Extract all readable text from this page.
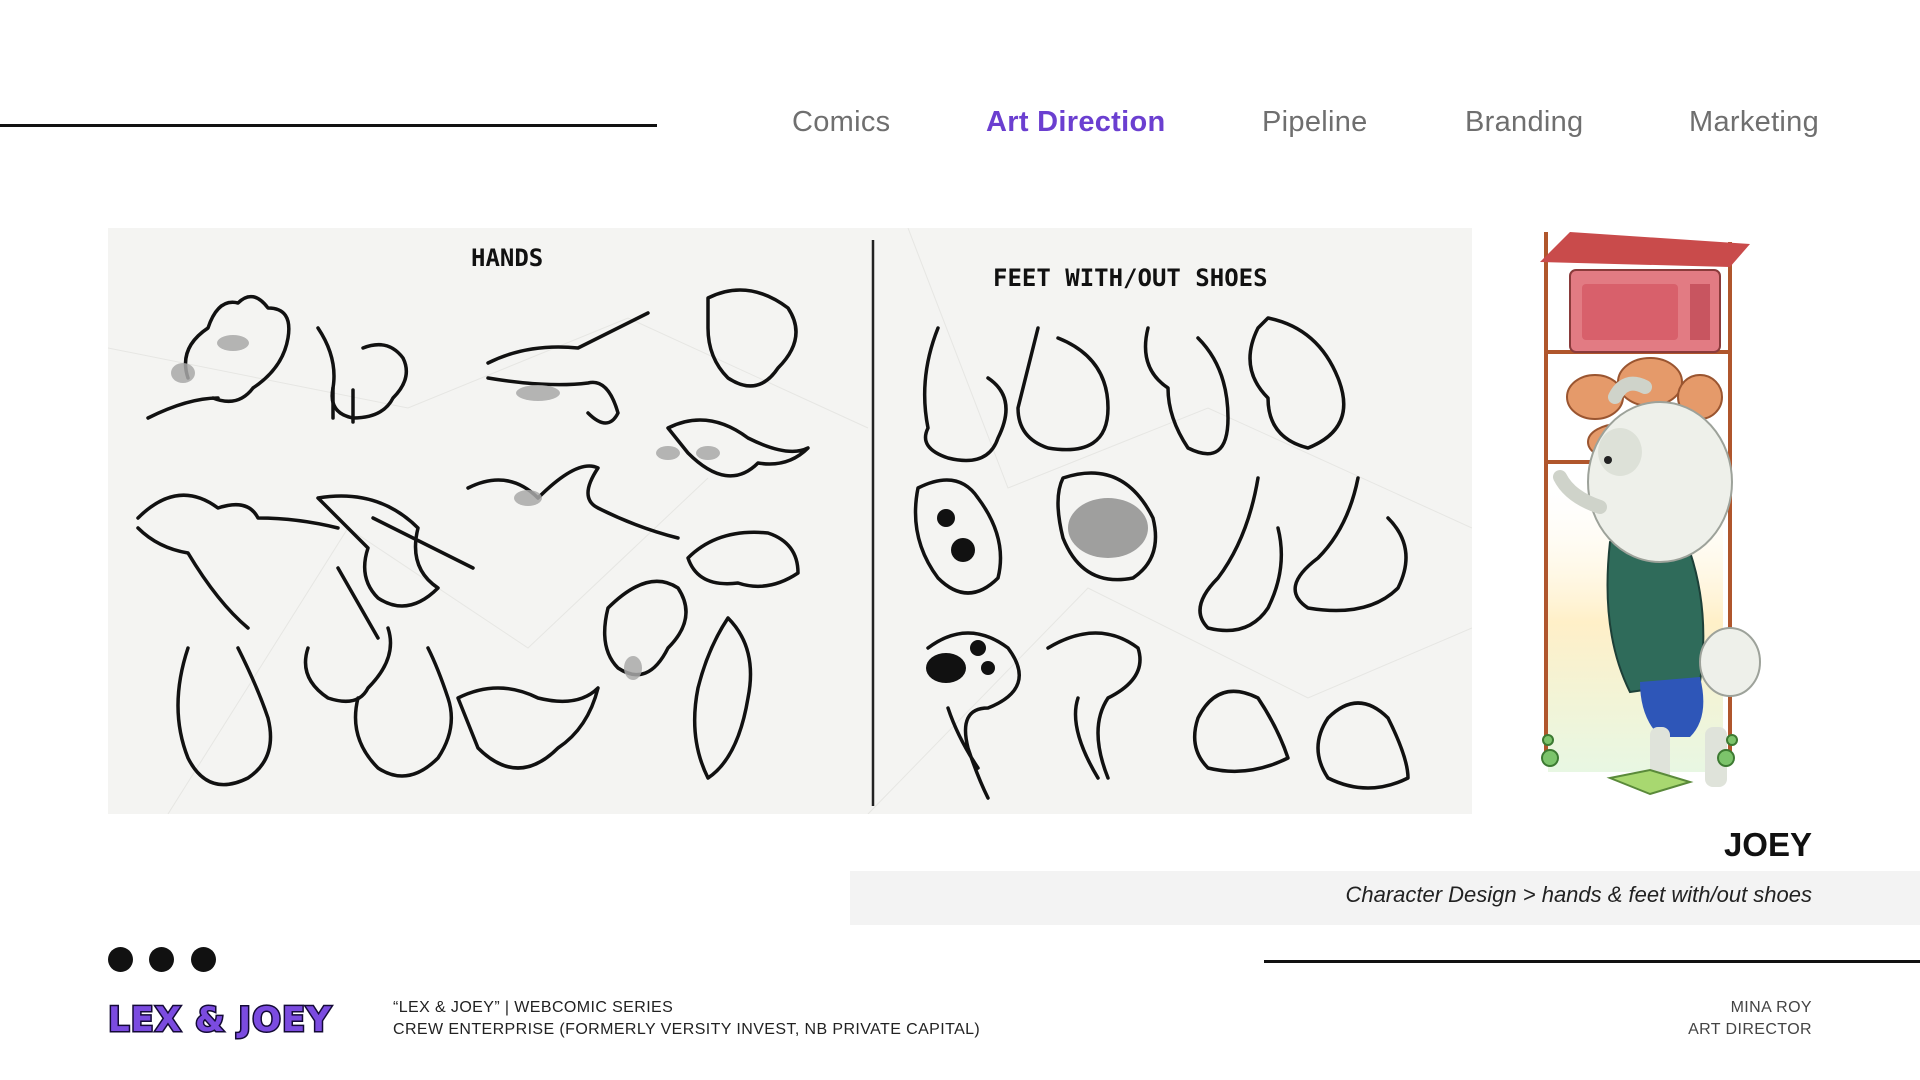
Comics	Art Direction	Pipeline	Branding	Marketing
HANDS
FEET WITH/OUT SHOES
JOEY
Character Design > hands & feet with/out shoes

LEX & JOEY	“LEX & JOEY” | WEBCOMIC SERIES
CREW ENTERPRISE (FORMERLY VERSITY INVEST, NB PRIVATE CAPITAL)
MINA ROY
ART DIRECTOR
